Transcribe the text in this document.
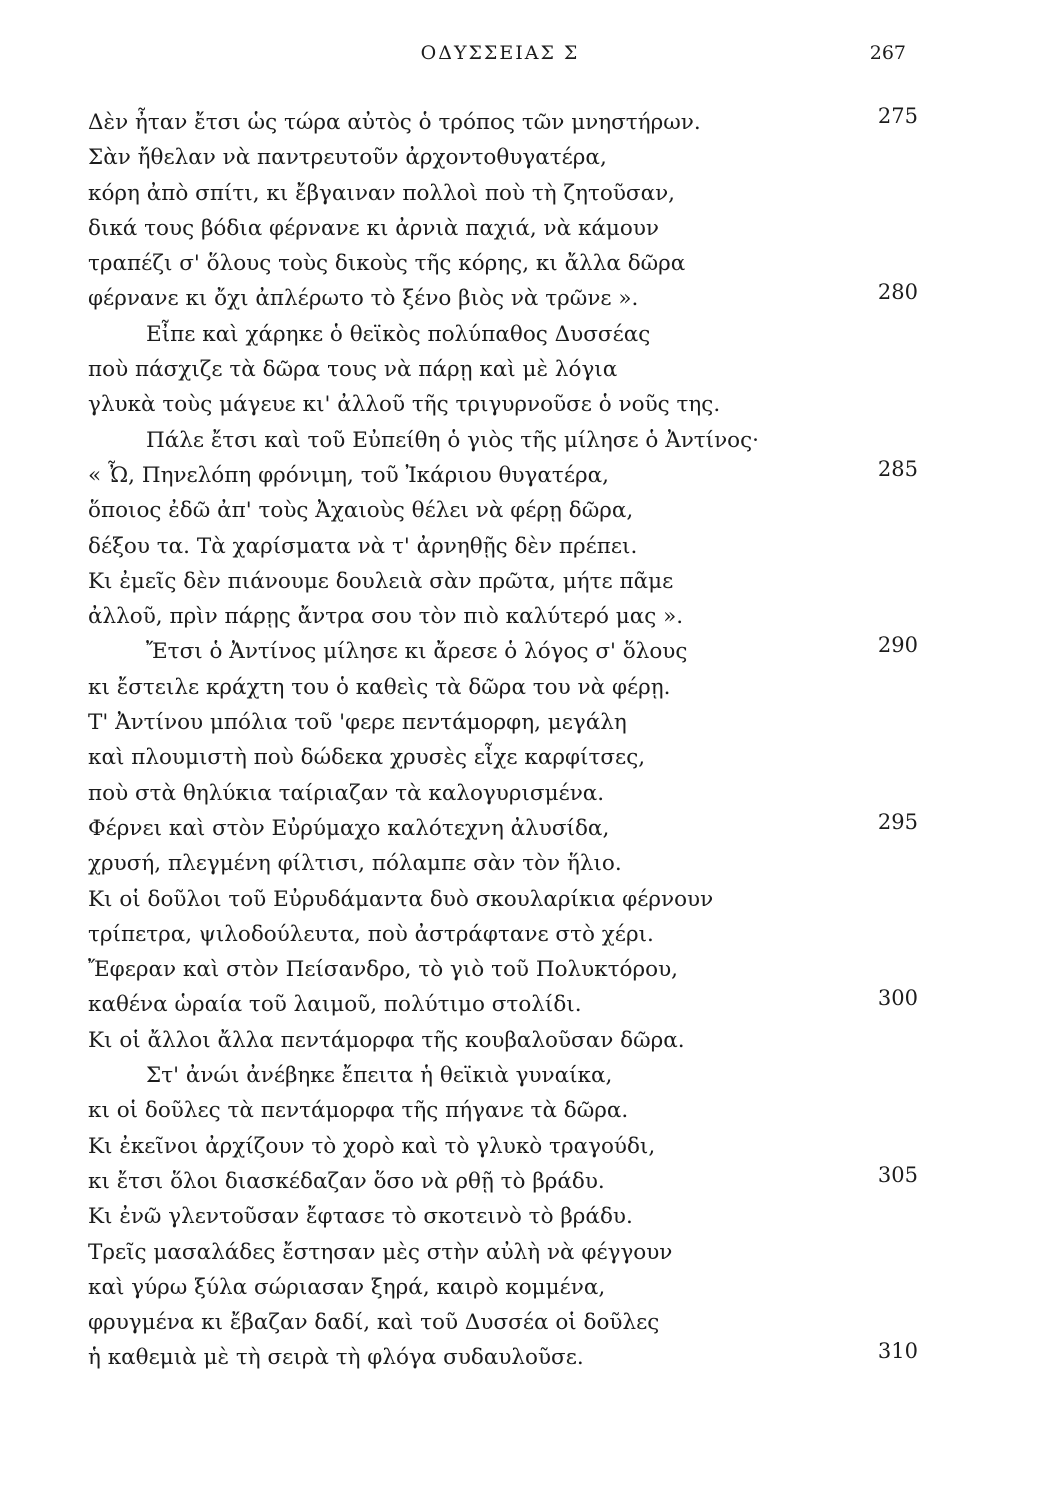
ΟΔΥΣΣΕΙΑΣ Σ	267
Δὲν ἦταν ἔτσι ὡς τώρα αὐτὸς ὁ τρόπος τῶν μνηστήρων.	275
Σὰν ἤθελαν νὰ παντρευτοῦν ἀρχοντοθυγατέρα,
κόρη ἀπὸ σπίτι, κι ἔβγαιναν πολλοὶ ποὺ τὴ ζητοῦσαν,
δικά τους βόδια φέρνανε κι ἀρνιὰ παχιά, νὰ κάμουν
τραπέζι σ' ὅλους τοὺς δικοὺς τῆς κόρης, κι ἄλλα δῶρα
φέρνανε κι ὄχι ἀπλέρωτο τὸ ξένο βιὸς νὰ τρῶνε ».	280
Εἶπε καὶ χάρηκε ὁ θεϊκὸς πολύπαθος Δυσσέας
ποὺ πάσχιζε τὰ δῶρα τους νὰ πάρῃ καὶ μὲ λόγια
γλυκὰ τοὺς μάγευε κι' ἀλλοῦ τῆς τριγυρνοῦσε ὁ νοῦς της.
Πάλε ἔτσι καὶ τοῦ Εὐπείθη ὁ γιὸς τῆς μίλησε ὁ Ἀντίνος·
« Ὦ, Πηνελόπη φρόνιμη, τοῦ Ἰκάριου θυγατέρα,	285
ὅποιος ἐδῶ ἀπ' τοὺς Ἀχαιοὺς θέλει νὰ φέρῃ δῶρα,
δέξου τα. Τὰ χαρίσματα νὰ τ' ἀρνηθῇς δὲν πρέπει.
Κι ἐμεῖς δὲν πιάνουμε δουλειὰ σὰν πρῶτα, μήτε πᾶμε
ἀλλοῦ, πρὶν πάρῃς ἄντρα σου τὸν πιὸ καλύτερό μας ».
Ἔτσι ὁ Ἀντίνος μίλησε κι ἄρεσε ὁ λόγος σ' ὅλους	290
κι ἔστειλε κράχτη του ὁ καθεὶς τὰ δῶρα του νὰ φέρῃ.
Τ' Ἀντίνου μπόλια τοῦ 'φερε πεντάμορφη, μεγάλη
καὶ πλουμιστὴ ποὺ δώδεκα χρυσὲς εἶχε καρφίτσες,
ποὺ στὰ θηλύκια ταίριαζαν τὰ καλογυρισμένα.
Φέρνει καὶ στὸν Εὐρύμαχο καλότεχνη ἀλυσίδα,	295
χρυσή, πλεγμένη φίλτισι, πόλαμπε σὰν τὸν ἥλιο.
Κι οἱ δοῦλοι τοῦ Εὐρυδάμαντα δυὸ σκουλαρίκια φέρνουν
τρίπετρα, ψιλοδούλευτα, ποὺ ἀστράφτανε στὸ χέρι.
Ἔφεραν καὶ στὸν Πείσανδρο, τὸ γιὸ τοῦ Πολυκτόρου,
καθένα ὡραία τοῦ λαιμοῦ, πολύτιμο στολίδι.	300
Κι οἱ ἄλλοι ἄλλα πεντάμορφα τῆς κουβαλοῦσαν δῶρα.
Στ' ἀνώι ἀνέβηκε ἔπειτα ἡ θεϊκιὰ γυναίκα,
κι οἱ δοῦλες τὰ πεντάμορφα τῆς πήγανε τὰ δῶρα.
Κι ἐκεῖνοι ἀρχίζουν τὸ χορὸ καὶ τὸ γλυκὸ τραγούδι,
κι ἔτσι ὅλοι διασκέδαζαν ὅσο νὰ ρθῇ τὸ βράδυ.	305
Κι ἐνῶ γλεντοῦσαν ἔφτασε τὸ σκοτεινὸ τὸ βράδυ.
Τρεῖς μασαλάδες ἔστησαν μὲς στὴν αὐλὴ νὰ φέγγουν
καὶ γύρω ξύλα σώριασαν ξηρά, καιρὸ κομμένα,
φρυγμένα κι ἔβαζαν δαδί, καὶ τοῦ Δυσσέα οἱ δοῦλες
ἡ καθεμιὰ μὲ τὴ σειρὰ τὴ φλόγα συδαυλοῦσε.	310
